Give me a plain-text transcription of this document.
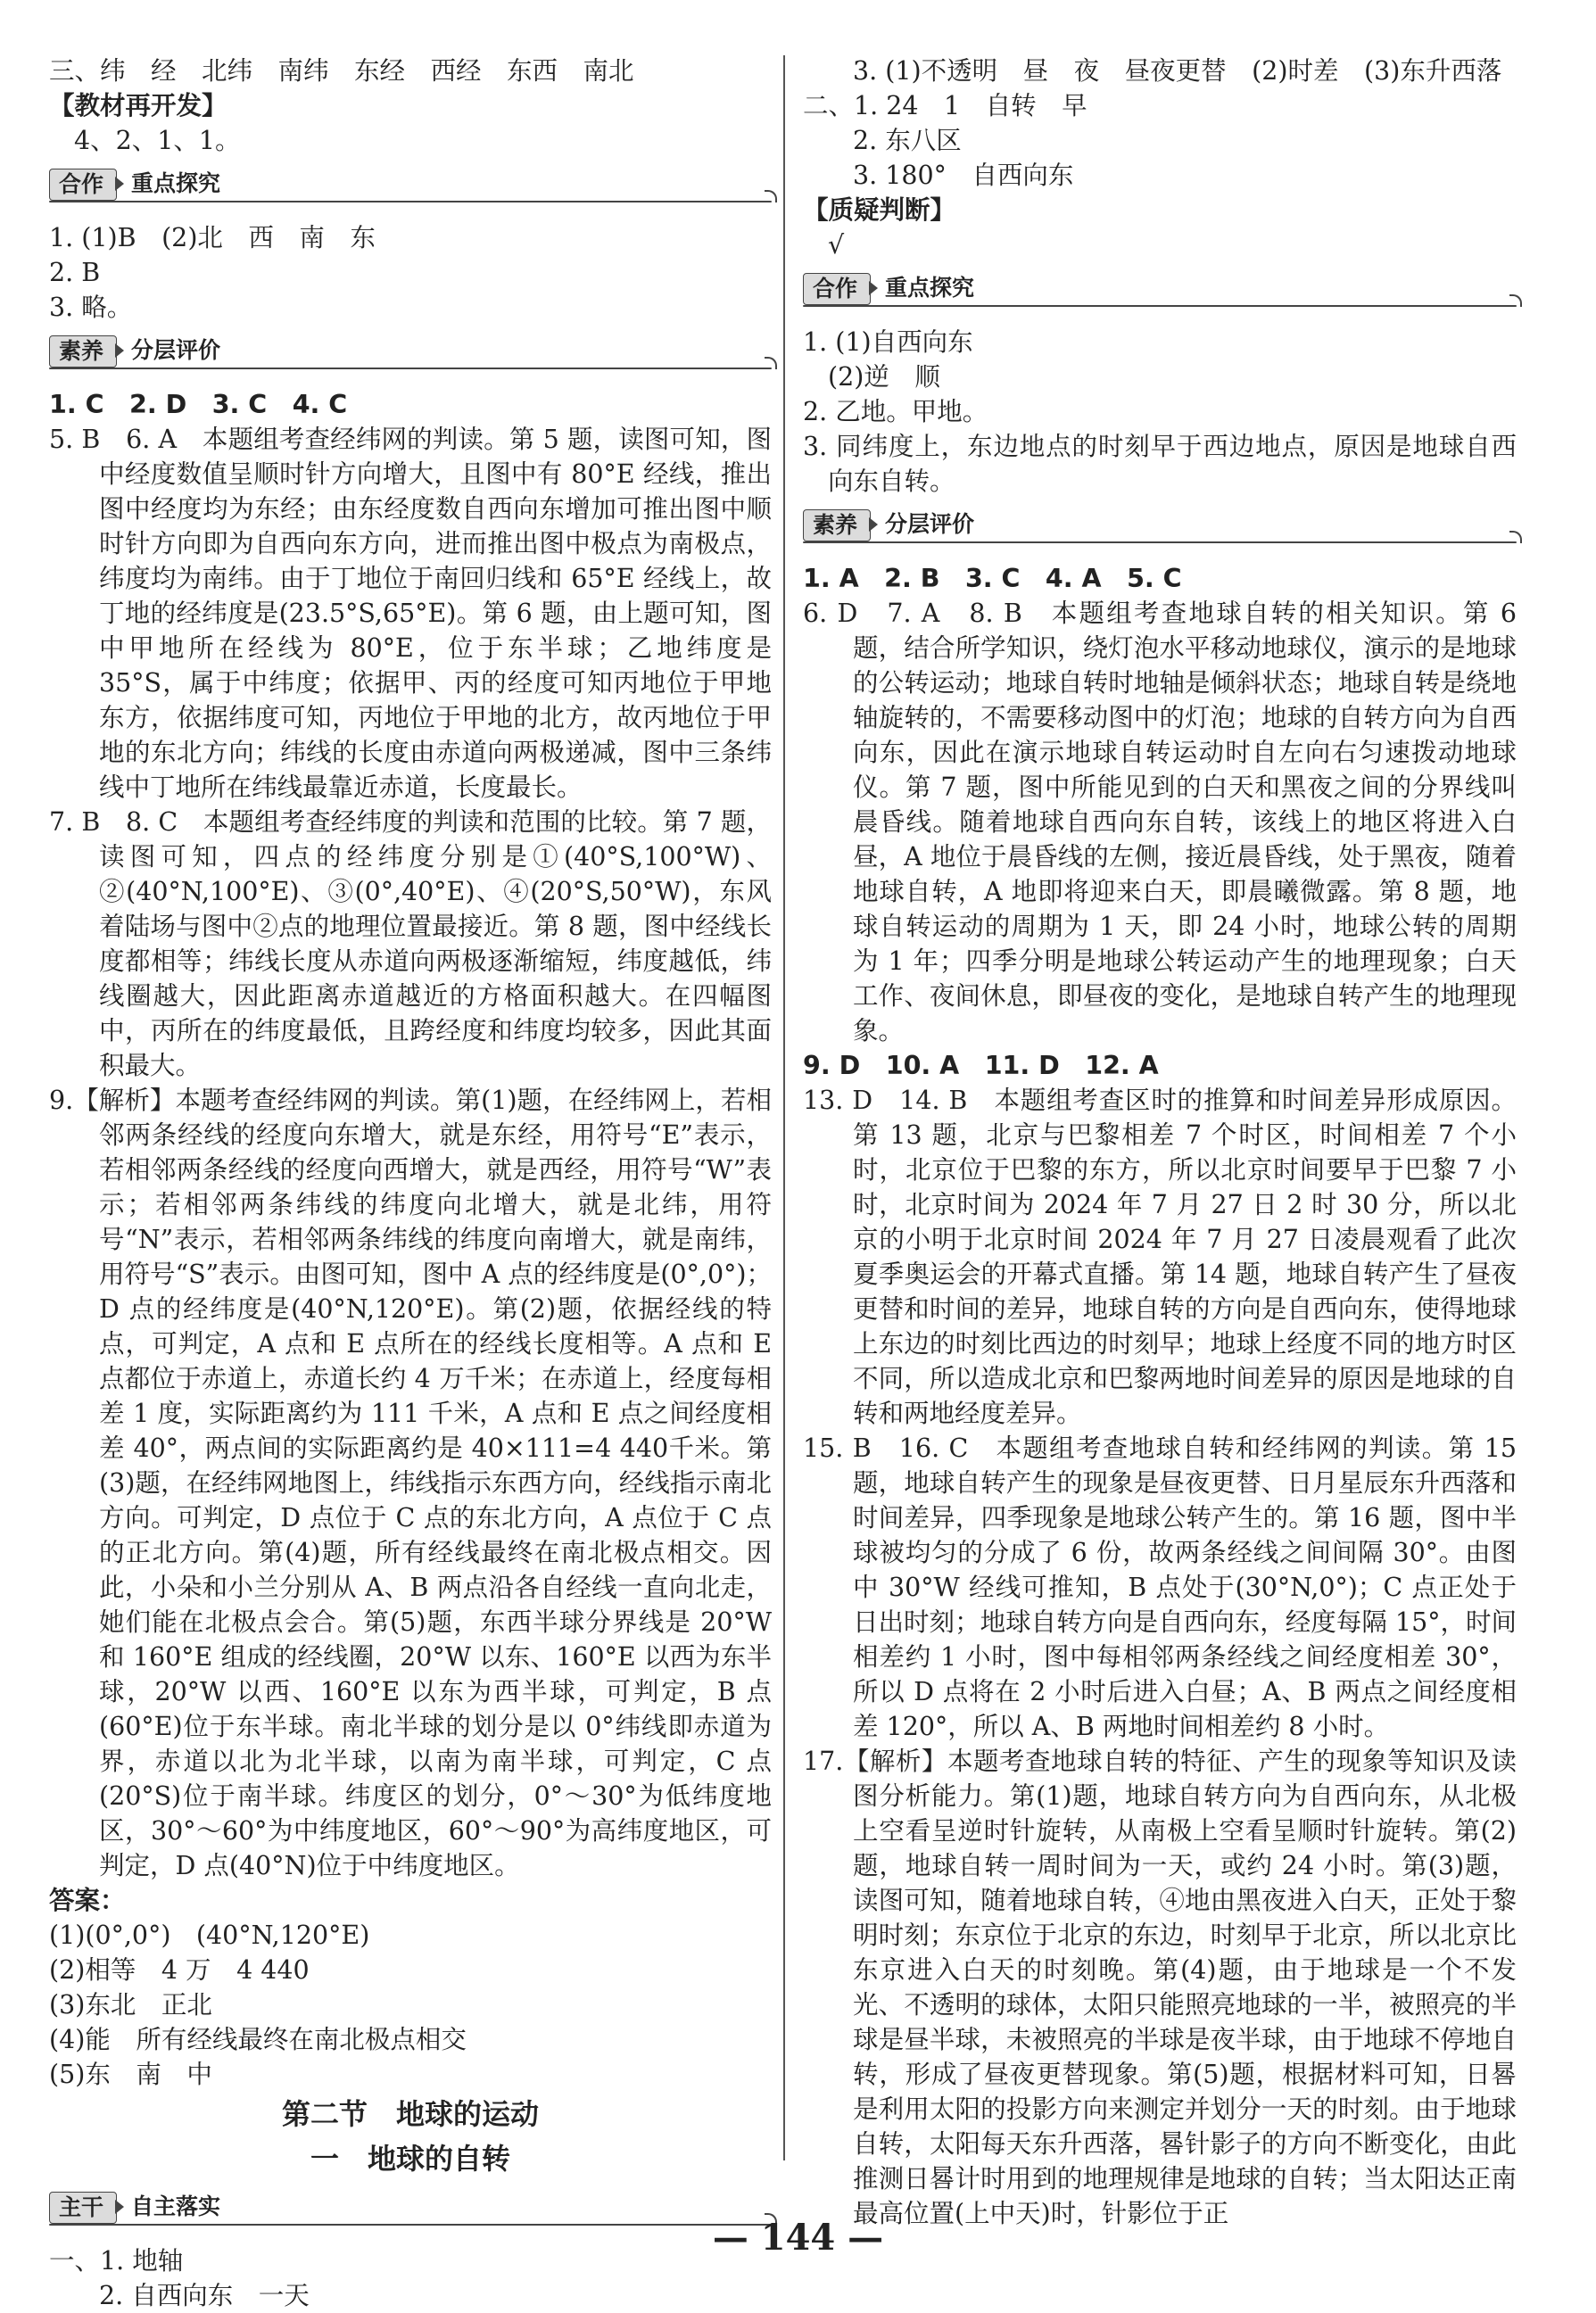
三、纬　经　北纬　南纬　东经　西经　东西　南北
【教材再开发】
4、2、1、1。
合作	重点探究
1. (1)B　(2)北　西　南　东
2. B
3. 略。
素养	分层评价
1. C　2. D　3. C　4. C
5. B　6. A　本题组考查经纬网的判读。第 5 题，读图可知，图中经度数值呈顺时针方向增大，且图中有 80°E 经线，推出图中经度均为东经；由东经度数自西向东增加可推出图中顺时针方向即为自西向东方向，进而推出图中极点为南极点，纬度均为南纬。由于丁地位于南回归线和 65°E 经线上，故丁地的经纬度是(23.5°S,65°E)。第 6 题，由上题可知，图中甲地所在经线为 80°E，位于东半球；乙地纬度是 35°S，属于中纬度；依据甲、丙的经度可知丙地位于甲地东方，依据纬度可知，丙地位于甲地的北方，故丙地位于甲地的东北方向；纬线的长度由赤道向两极递减，图中三条纬线中丁地所在纬线最靠近赤道，长度最长。
7. B　8. C　本题组考查经纬度的判读和范围的比较。第 7 题，读图可知，四点的经纬度分别是①(40°S,100°W)、②(40°N,100°E)、③(0°,40°E)、④(20°S,50°W)，东风着陆场与图中②点的地理位置最接近。第 8 题，图中经线长度都相等；纬线长度从赤道向两极逐渐缩短，纬度越低，纬线圈越大，因此距离赤道越近的方格面积越大。在四幅图中，丙所在的纬度最低，且跨经度和纬度均较多，因此其面积最大。
9.【解析】本题考查经纬网的判读。第(1)题，在经纬网上，若相邻两条经线的经度向东增大，就是东经，用符号“E”表示，若相邻两条经线的经度向西增大，就是西经，用符号“W”表示；若相邻两条纬线的纬度向北增大，就是北纬，用符号“N”表示，若相邻两条纬线的纬度向南增大，就是南纬，用符号“S”表示。由图可知，图中 A 点的经纬度是(0°,0°)；D 点的经纬度是(40°N,120°E)。第(2)题，依据经线的特点，可判定，A 点和 E 点所在的经线长度相等。A 点和 E 点都位于赤道上，赤道长约 4 万千米；在赤道上，经度每相差 1 度，实际距离约为 111 千米，A 点和 E 点之间经度相差 40°，两点间的实际距离约是 40×111=4 440千米。第(3)题，在经纬网地图上，纬线指示东西方向，经线指示南北方向。可判定，D 点位于 C 点的东北方向，A 点位于 C 点的正北方向。第(4)题，所有经线最终在南北极点相交。因此，小朵和小兰分别从 A、B 两点沿各自经线一直向北走，她们能在北极点会合。第(5)题，东西半球分界线是 20°W 和 160°E 组成的经线圈，20°W 以东、160°E 以西为东半球，20°W 以西、160°E 以东为西半球，可判定，B 点(60°E)位于东半球。南北半球的划分是以 0°纬线即赤道为界，赤道以北为北半球，以南为南半球，可判定，C 点(20°S)位于南半球。纬度区的划分，0°～30°为低纬度地区，30°～60°为中纬度地区，60°～90°为高纬度地区，可判定，D 点(40°N)位于中纬度地区。
答案：
(1)(0°,0°)　(40°N,120°E)
(2)相等　4 万　4 440
(3)东北　正北
(4)能　所有经线最终在南北极点相交
(5)东　南　中
第二节　地球的运动
一　地球的自转
主干	自主落实
一、1. 地轴
2. 自西向东　一天
3. (1)不透明　昼　夜　昼夜更替　(2)时差　(3)东升西落
二、1. 24　1　自转　早
2. 东八区
3. 180°　自西向东
【质疑判断】
√
合作	重点探究
1. (1)自西向东
(2)逆　顺
2. 乙地。甲地。
3. 同纬度上，东边地点的时刻早于西边地点，原因是地球自西向东自转。
素养	分层评价
1. A　2. B　3. C　4. A　5. C
6. D　7. A　8. B　本题组考查地球自转的相关知识。第 6 题，结合所学知识，绕灯泡水平移动地球仪，演示的是地球的公转运动；地球自转时地轴是倾斜状态；地球自转是绕地轴旋转的，不需要移动图中的灯泡；地球的自转方向为自西向东，因此在演示地球自转运动时自左向右匀速拨动地球仪。第 7 题，图中所能见到的白天和黑夜之间的分界线叫晨昏线。随着地球自西向东自转，该线上的地区将进入白昼，A 地位于晨昏线的左侧，接近晨昏线，处于黑夜，随着地球自转，A 地即将迎来白天，即晨曦微露。第 8 题，地球自转运动的周期为 1 天，即 24 小时，地球公转的周期为 1 年；四季分明是地球公转运动产生的地理现象；白天工作、夜间休息，即昼夜的变化，是地球自转产生的地理现象。
9. D　10. A　11. D　12. A
13. D　14. B　本题组考查区时的推算和时间差异形成原因。第 13 题，北京与巴黎相差 7 个时区，时间相差 7 个小时，北京位于巴黎的东方，所以北京时间要早于巴黎 7 小时，北京时间为 2024 年 7 月 27 日 2 时 30 分，所以北京的小明于北京时间 2024 年 7 月 27 日凌晨观看了此次夏季奥运会的开幕式直播。第 14 题，地球自转产生了昼夜更替和时间的差异，地球自转的方向是自西向东，使得地球上东边的时刻比西边的时刻早；地球上经度不同的地方时区不同，所以造成北京和巴黎两地时间差异的原因是地球的自转和两地经度差异。
15. B　16. C　本题组考查地球自转和经纬网的判读。第 15 题，地球自转产生的现象是昼夜更替、日月星辰东升西落和时间差异，四季现象是地球公转产生的。第 16 题，图中半球被均匀的分成了 6 份，故两条经线之间间隔 30°。由图中 30°W 经线可推知，B 点处于(30°N,0°)；C 点正处于日出时刻；地球自转方向是自西向东，经度每隔 15°，时间相差约 1 小时，图中每相邻两条经线之间经度相差 30°，所以 D 点将在 2 小时后进入白昼；A、B 两点之间经度相差 120°，所以 A、B 两地时间相差约 8 小时。
17.【解析】本题考查地球自转的特征、产生的现象等知识及读图分析能力。第(1)题，地球自转方向为自西向东，从北极上空看呈逆时针旋转，从南极上空看呈顺时针旋转。第(2)题，地球自转一周时间为一天，或约 24 小时。第(3)题，读图可知，随着地球自转，④地由黑夜进入白天，正处于黎明时刻；东京位于北京的东边，时刻早于北京，所以北京比东京进入白天的时刻晚。第(4)题，由于地球是一个不发光、不透明的球体，太阳只能照亮地球的一半，被照亮的半球是昼半球，未被照亮的半球是夜半球，由于地球不停地自转，形成了昼夜更替现象。第(5)题，根据材料可知，日晷是利用太阳的投影方向来测定并划分一天的时刻。由于地球自转，太阳每天东升西落，晷针影子的方向不断变化，由此推测日晷计时用到的地理规律是地球的自转；当太阳达正南最高位置(上中天)时，针影位于正
— 144 —
